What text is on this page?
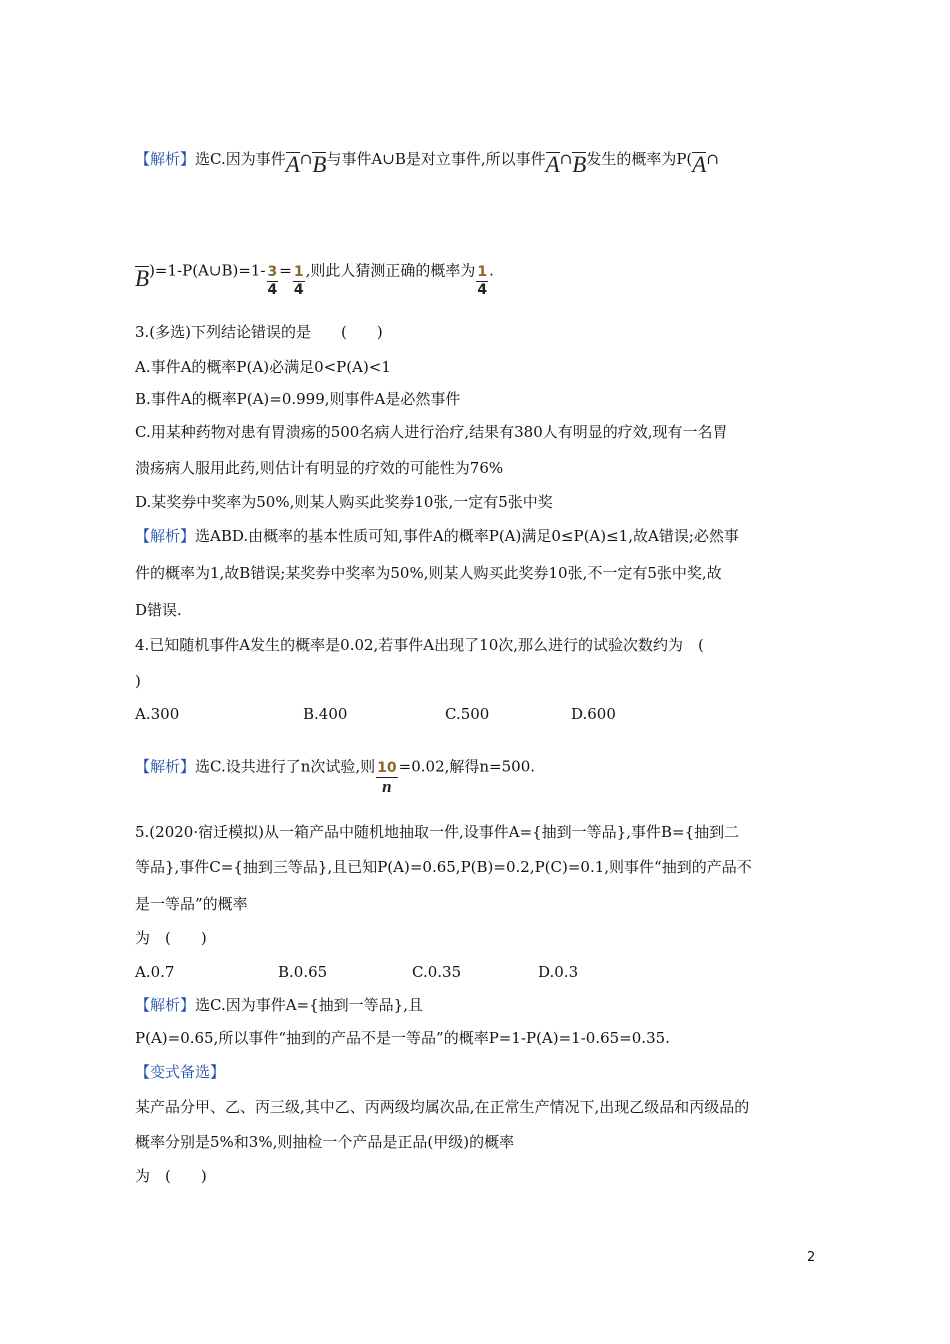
【解析】选C.因为事件A∩B与事件A∪B是对立事件,所以事件A∩B发生的概率为P(A∩
B)=1-P(A∪B)=1- $\frac{3}{4} = \frac{1}{4}$ ,则此人猜测正确的概率为 $\frac{1}{4}$ .
3.(多选)下列结论错误的是　　(　　)
A.事件A的概率P(A)必满足0<P(A)<1
B.事件A的概率P(A)=0.999,则事件A是必然事件
C.用某种药物对患有胃溃疡的500名病人进行治疗,结果有380人有明显的疗效,现有一名胃
溃疡病人服用此药,则估计有明显的疗效的可能性为76%
D.某奖券中奖率为50%,则某人购买此奖券10张,一定有5张中奖
【解析】选ABD.由概率的基本性质可知,事件A的概率P(A)满足0≤P(A)≤1,故A错误;必然事
件的概率为1,故B错误;某奖券中奖率为50%,则某人购买此奖券10张,不一定有5张中奖,故
D错误.
4.已知随机事件A发生的概率是0.02,若事件A出现了10次,那么进行的试验次数约为　(
)
A.300	B.400	C.500	D.600
【解析】选C.设共进行了n次试验,则 $\frac{10}{n} =0.02$,解得n=500.
5.(2020·宿迁模拟)从一箱产品中随机地抽取一件,设事件A={抽到一等品},事件B={抽到二
等品},事件C={抽到三等品},且已知P(A)=0.65,P(B)=0.2,P(C)=0.1,则事件“抽到的产品不
是一等品”的概率
为　(　　)
A.0.7	B.0.65	C.0.35	D.0.3
【解析】选C.因为事件A={抽到一等品},且
P(A)=0.65,所以事件“抽到的产品不是一等品”的概率P=1-P(A)=1-0.65=0.35.
【变式备选】
某产品分甲、乙、丙三级,其中乙、丙两级均属次品,在正常生产情况下,出现乙级品和丙级品的
概率分别是5%和3%,则抽检一个产品是正品(甲级)的概率
为　(　　)
2
